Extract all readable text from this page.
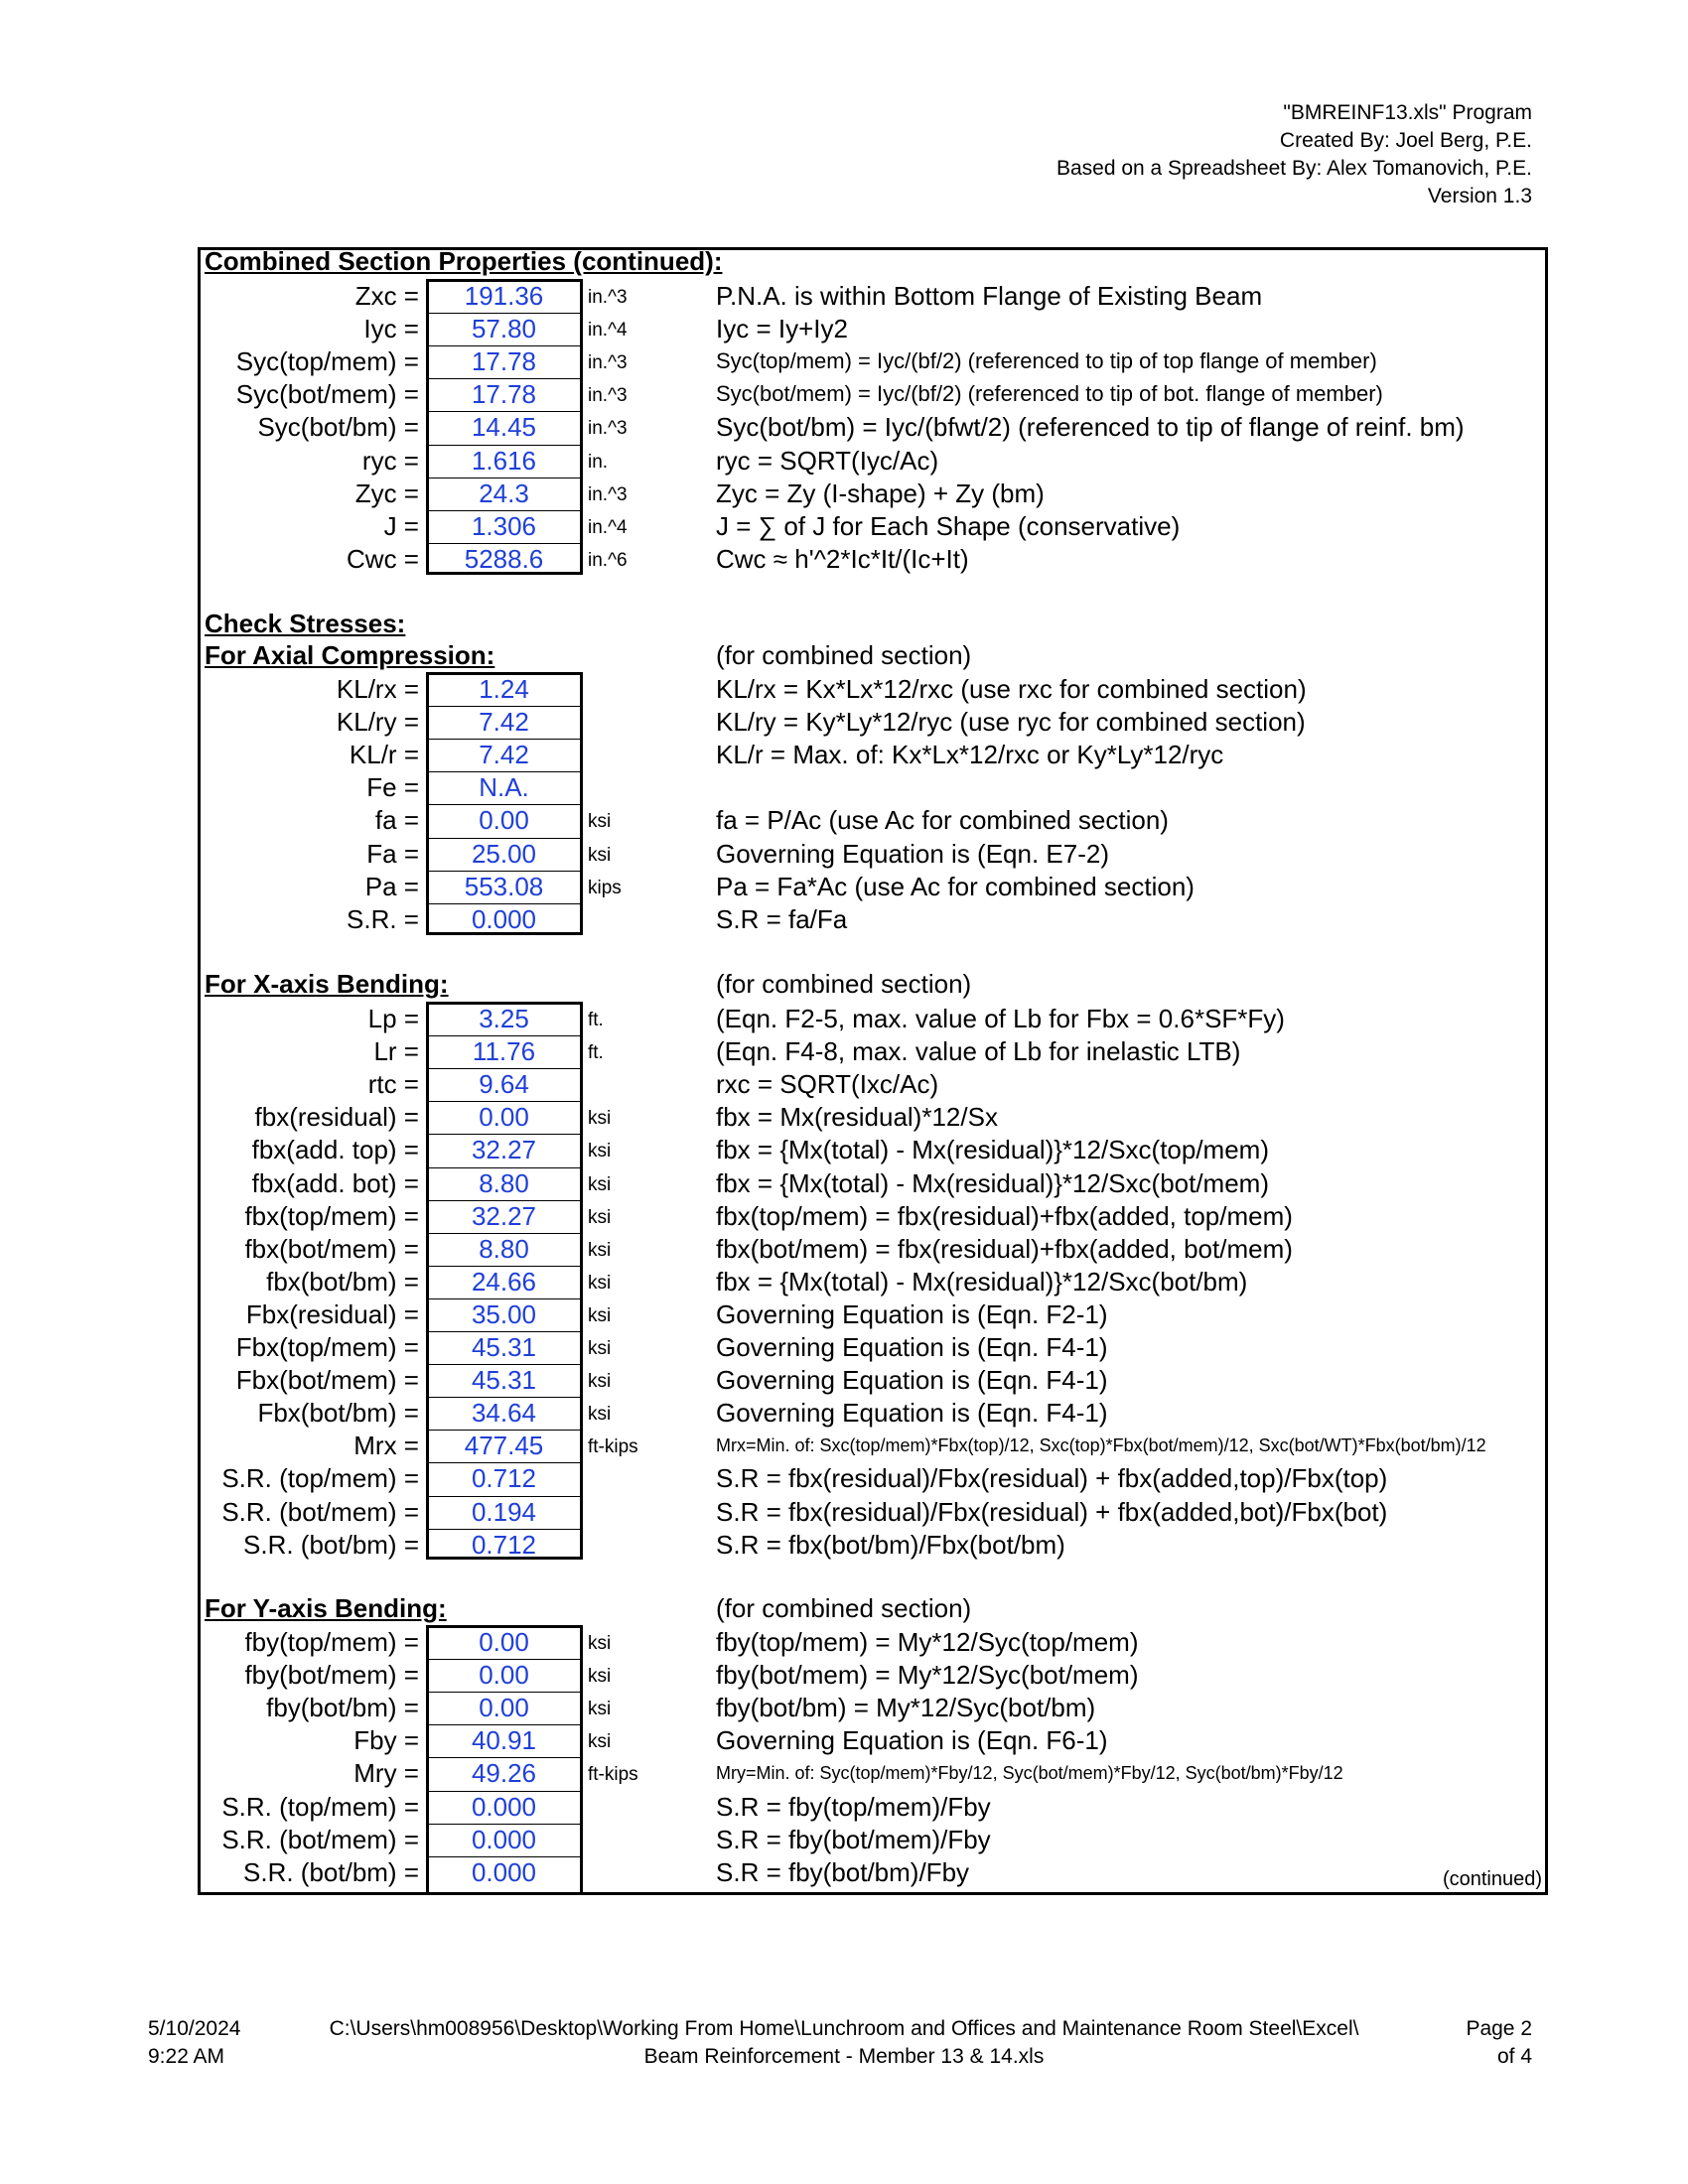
"BMREINF13.xls" Program
Created By: Joel Berg, P.E.
Based on a Spreadsheet By: Alex Tomanovich, P.E.
Version 1.3
Combined Section Properties (continued):
Zxc =	191.36	in.^3	P.N.A. is within Bottom Flange of Existing Beam
Iyc =	57.80	in.^4	Iyc = Iy+Iy2
Syc(top/mem) =	17.78	in.^3	Syc(top/mem) = Iyc/(bf/2) (referenced to tip of top flange of member)
Syc(bot/mem) =	17.78	in.^3	Syc(bot/mem) = Iyc/(bf/2) (referenced to tip of bot. flange of member)
Syc(bot/bm) =	14.45	in.^3	Syc(bot/bm) = Iyc/(bfwt/2) (referenced to tip of flange of reinf. bm)
ryc =	1.616	in.	ryc = SQRT(Iyc/Ac)
Zyc =	24.3	in.^3	Zyc = Zy (I-shape) + Zy (bm)
J =	1.306	in.^4	J = ∑ of J for Each Shape (conservative)
Cwc =	5288.6	in.^6	Cwc ≈ h'^2*Ic*It/(Ic+It)
Check Stresses:
For Axial Compression:	(for combined section)
KL/rx =	1.24	KL/rx = Kx*Lx*12/rxc (use rxc for combined section)
KL/ry =	7.42	KL/ry = Ky*Ly*12/ryc (use ryc for combined section)
KL/r =	7.42	KL/r = Max. of: Kx*Lx*12/rxc or Ky*Ly*12/ryc
Fe =	N.A.
fa =	0.00	ksi	fa = P/Ac (use Ac for combined section)
Fa =	25.00	ksi	Governing Equation is (Eqn. E7-2)
Pa =	553.08	kips	Pa = Fa*Ac (use Ac for combined section)
S.R. =	0.000	S.R = fa/Fa
For X-axis Bending:	(for combined section)
Lp =	3.25	ft.	(Eqn. F2-5, max. value of Lb for Fbx = 0.6*SF*Fy)
Lr =	11.76	ft.	(Eqn. F4-8, max. value of Lb for inelastic LTB)
rtc =	9.64	rxc = SQRT(Ixc/Ac)
fbx(residual) =	0.00	ksi	fbx = Mx(residual)*12/Sx
fbx(add. top) =	32.27	ksi	fbx = {Mx(total) - Mx(residual)}*12/Sxc(top/mem)
fbx(add. bot) =	8.80	ksi	fbx = {Mx(total) - Mx(residual)}*12/Sxc(bot/mem)
fbx(top/mem) =	32.27	ksi	fbx(top/mem) = fbx(residual)+fbx(added, top/mem)
fbx(bot/mem) =	8.80	ksi	fbx(bot/mem) = fbx(residual)+fbx(added, bot/mem)
fbx(bot/bm) =	24.66	ksi	fbx = {Mx(total) - Mx(residual)}*12/Sxc(bot/bm)
Fbx(residual) =	35.00	ksi	Governing Equation is (Eqn. F2-1)
Fbx(top/mem) =	45.31	ksi	Governing Equation is (Eqn. F4-1)
Fbx(bot/mem) =	45.31	ksi	Governing Equation is (Eqn. F4-1)
Fbx(bot/bm) =	34.64	ksi	Governing Equation is (Eqn. F4-1)
Mrx =	477.45	ft-kips	Mrx=Min. of: Sxc(top/mem)*Fbx(top)/12, Sxc(top)*Fbx(bot/mem)/12, Sxc(bot/WT)*Fbx(bot/bm)/12
S.R. (top/mem) =	0.712	S.R = fbx(residual)/Fbx(residual) + fbx(added,top)/Fbx(top)
S.R. (bot/mem) =	0.194	S.R = fbx(residual)/Fbx(residual) + fbx(added,bot)/Fbx(bot)
S.R. (bot/bm) =	0.712	S.R = fbx(bot/bm)/Fbx(bot/bm)
For Y-axis Bending:	(for combined section)
fby(top/mem) =	0.00	ksi	fby(top/mem) = My*12/Syc(top/mem)
fby(bot/mem) =	0.00	ksi	fby(bot/mem) = My*12/Syc(bot/mem)
fby(bot/bm) =	0.00	ksi	fby(bot/bm) = My*12/Syc(bot/bm)
Fby =	40.91	ksi	Governing Equation is (Eqn. F6-1)
Mry =	49.26	ft-kips	Mry=Min. of: Syc(top/mem)*Fby/12, Syc(bot/mem)*Fby/12, Syc(bot/bm)*Fby/12
S.R. (top/mem) =	0.000	S.R = fby(top/mem)/Fby
S.R. (bot/mem) =	0.000	S.R = fby(bot/mem)/Fby
S.R. (bot/bm) =	0.000	S.R = fby(bot/bm)/Fby	(continued)
5/10/2024
9:22 AM
C:\Users\hm008956\Desktop\Working From Home\Lunchroom and Offices and Maintenance Room Steel\Excel\
Beam Reinforcement - Member 13 & 14.xls
Page 2
of 4
